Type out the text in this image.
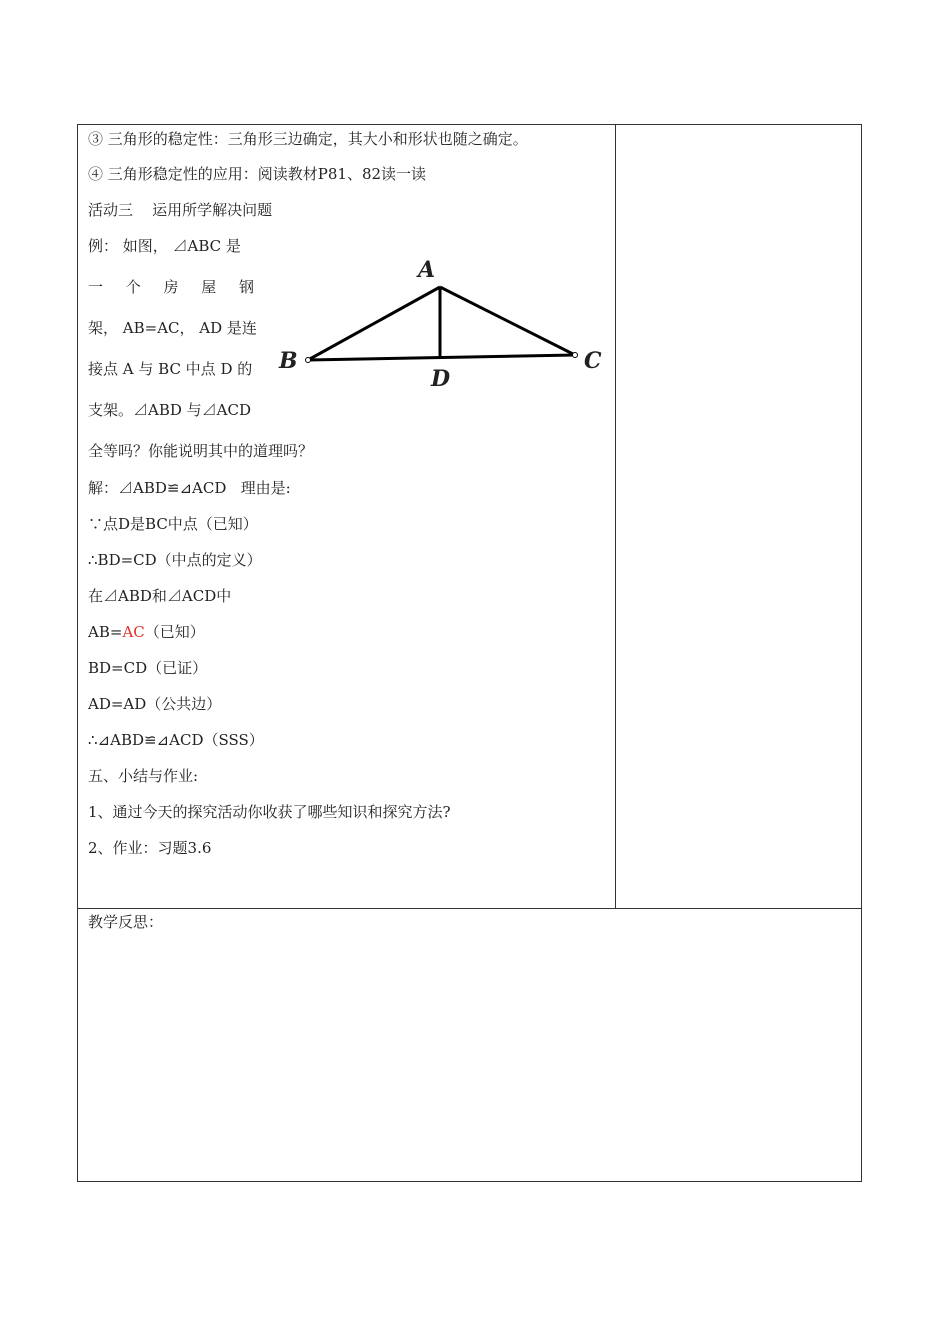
③ 三角形的稳定性：三角形三边确定，其大小和形状也随之确定。
④ 三角形稳定性的应用：阅读教材P81、82读一读
活动三    运用所学解决问题
例： 如图， ⊿ABC 是
一 个 房 屋 钢
架， AB=AC， AD 是连
接点 A 与 BC 中点 D 的
支架。⊿ABD 与⊿ACD
全等吗？你能说明其中的道理吗？
A
B	C
D
解：⊿ABD≌⊿ACD   理由是:
∵点D是BC中点（已知）
∴BD=CD（中点的定义）
在⊿ABD和⊿ACD中
AB=AC（已知）
BD=CD（已证）
AD=AD（公共边）
∴⊿ABD≌⊿ACD（SSS）
五、小结与作业:
1、通过今天的探究活动你收获了哪些知识和探究方法?
2、作业：习题3.6
教学反思：
